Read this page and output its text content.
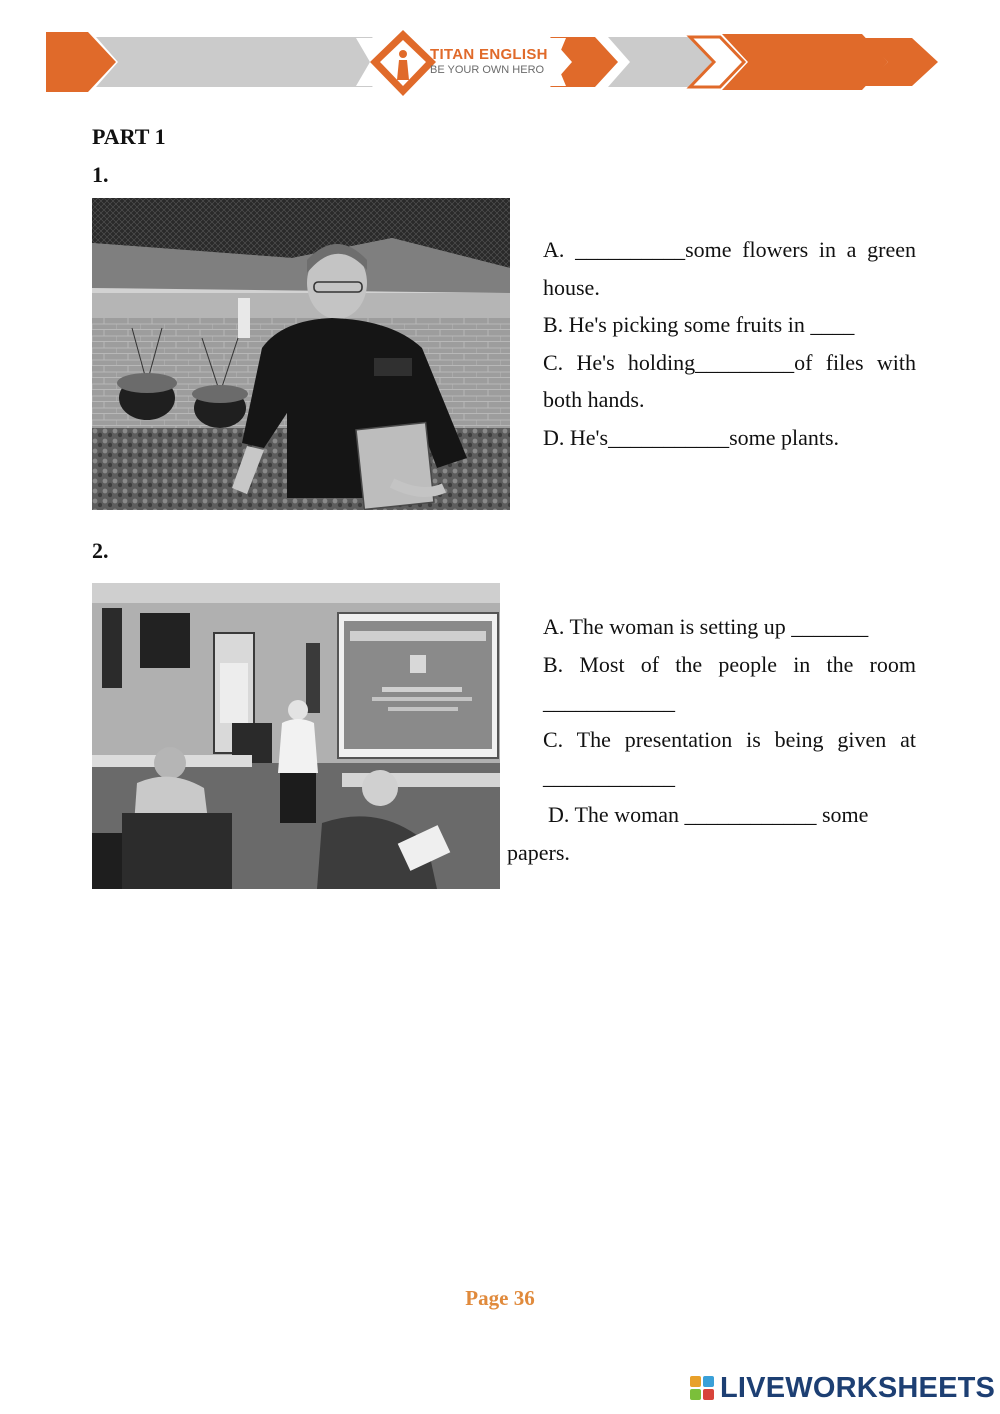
TITAN ENGLISH
BE YOUR OWN HERO
PART 1
1.

A. __________some flowers in a green house.

B. He's picking some fruits in ____

C. He's holding_________of files with both hands.

D. He's___________some plants.

2.

A. The woman is setting up _______

B. Most of the people in the room ____________

C. The presentation is being given at ____________

D. The woman ____________ some

papers.
Page 36
LIVEWORKSHEETS
